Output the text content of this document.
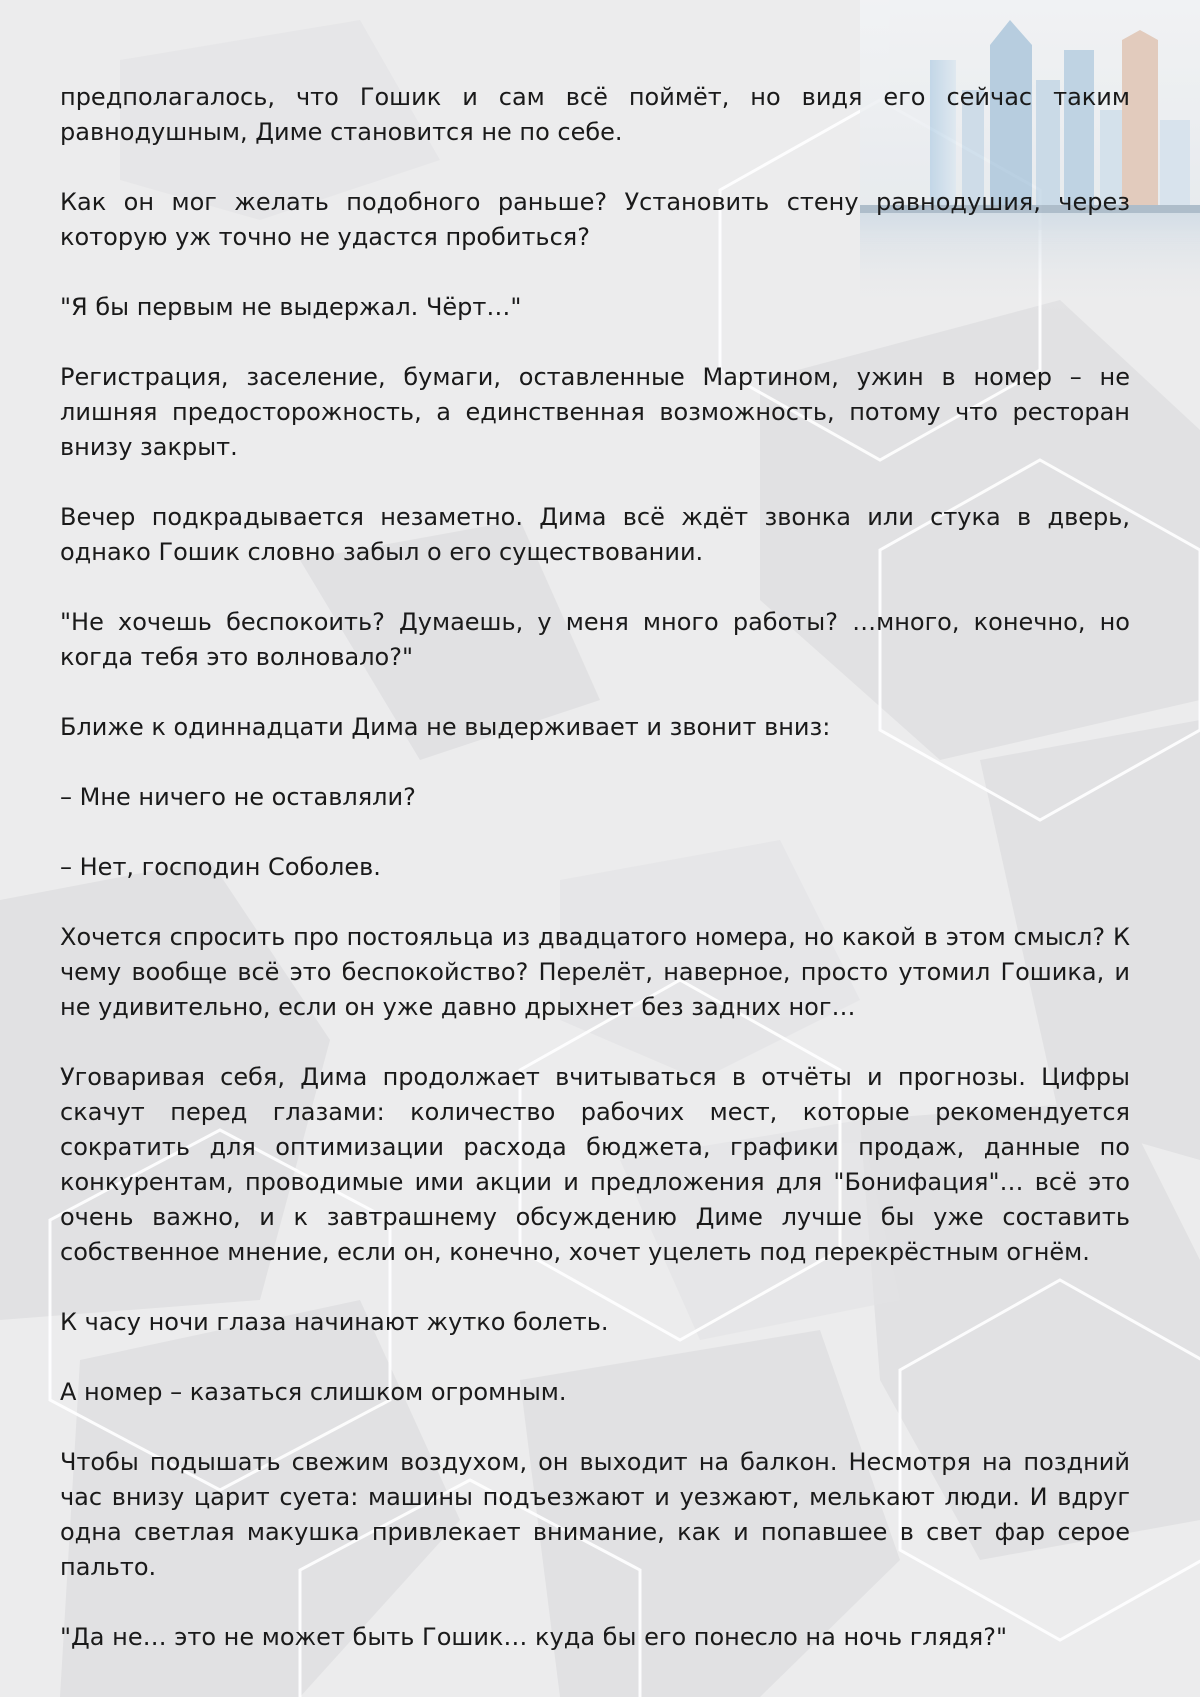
предполагалось, что Гошик и сам всё поймёт, но видя его сейчас таким равнодушным, Диме становится не по себе.

Как он мог желать подобного раньше? Установить стену равнодушия, через которую уж точно не удастся пробиться?

"Я бы первым не выдержал. Чёрт…"

Регистрация, заселение, бумаги, оставленные Мартином, ужин в номер – не лишняя предосторожность, а единственная возможность, потому что ресторан внизу закрыт.

Вечер подкрадывается незаметно. Дима всё ждёт звонка или стука в дверь, однако Гошик словно забыл о его существовании.

"Не хочешь беспокоить? Думаешь, у меня много работы? …много, конечно, но когда тебя это волновало?"

Ближе к одиннадцати Дима не выдерживает и звонит вниз:

– Мне ничего не оставляли?

– Нет, господин Соболев.

Хочется спросить про постояльца из двадцатого номера, но какой в этом смысл? К чему вообще всё это беспокойство? Перелёт, наверное, просто утомил Гошика, и не удивительно, если он уже давно дрыхнет без задних ног…

Уговаривая себя, Дима продолжает вчитываться в отчёты и прогнозы. Цифры скачут перед глазами: количество рабочих мест, которые рекомендуется сократить для оптимизации расхода бюджета, графики продаж, данные по конкурентам, проводимые ими акции и предложения для "Бонифация"… всё это очень важно, и к завтрашнему обсуждению Диме лучше бы уже составить собственное мнение, если он, конечно, хочет уцелеть под перекрёстным огнём.

К часу ночи глаза начинают жутко болеть.

А номер – казаться слишком огромным.

Чтобы подышать свежим воздухом, он выходит на балкон. Несмотря на поздний час внизу царит суета: машины подъезжают и уезжают, мелькают люди. И вдруг одна светлая макушка привлекает внимание, как и попавшее в свет фар серое пальто.

"Да не… это не может быть Гошик… куда бы его понесло на ночь глядя?"
